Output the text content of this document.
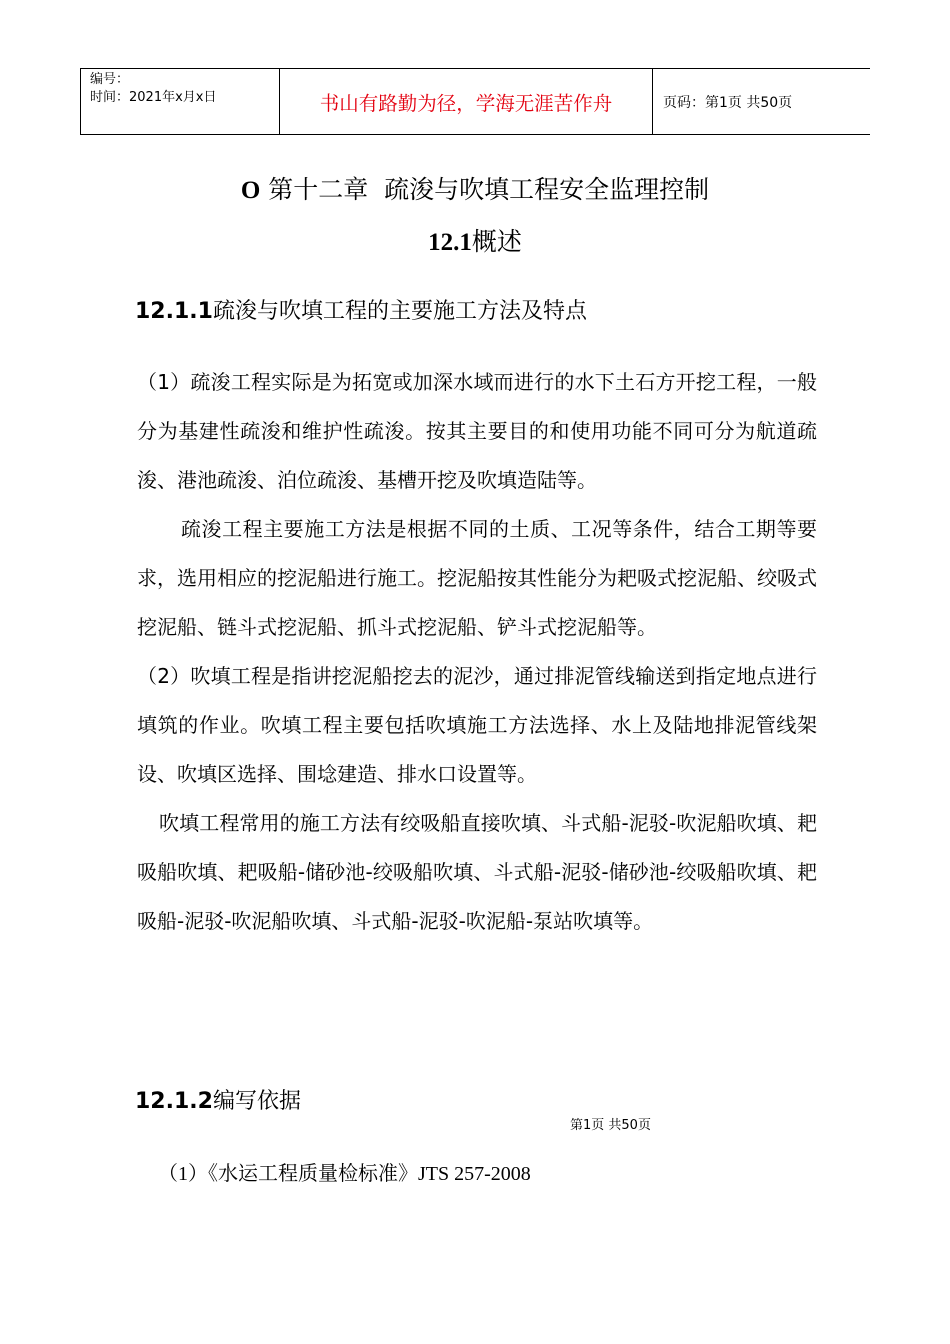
编号：
时间：2021年x月x日	书山有路勤为径，学海无涯苦作舟	页码：第1页 共50页
O 第十二章  疏浚与吹填工程安全监理控制
12.1概述
12.1.1疏浚与吹填工程的主要施工方法及特点

（1）疏浚工程实际是为拓宽或加深水域而进行的水下土石方开挖工程，一般分为基建性疏浚和维护性疏浚。按其主要目的和使用功能不同可分为航道疏浚、港池疏浚、泊位疏浚、基槽开挖及吹填造陆等。

疏浚工程主要施工方法是根据不同的土质、工况等条件，结合工期等要求，选用相应的挖泥船进行施工。挖泥船按其性能分为耙吸式挖泥船、绞吸式挖泥船、链斗式挖泥船、抓斗式挖泥船、铲斗式挖泥船等。

（2）吹填工程是指讲挖泥船挖去的泥沙，通过排泥管线输送到指定地点进行填筑的作业。吹填工程主要包括吹填施工方法选择、水上及陆地排泥管线架设、吹填区选择、围埝建造、排水口设置等。

吹填工程常用的施工方法有绞吸船直接吹填、斗式船-泥驳-吹泥船吹填、耙吸船吹填、耙吸船-储砂池-绞吸船吹填、斗式船-泥驳-储砂池-绞吸船吹填、耙吸船-泥驳-吹泥船吹填、斗式船-泥驳-吹泥船-泵站吹填等。

12.1.2编写依据
第1页 共50页
（1）《水运工程质量检标准》JTS 257-2008
